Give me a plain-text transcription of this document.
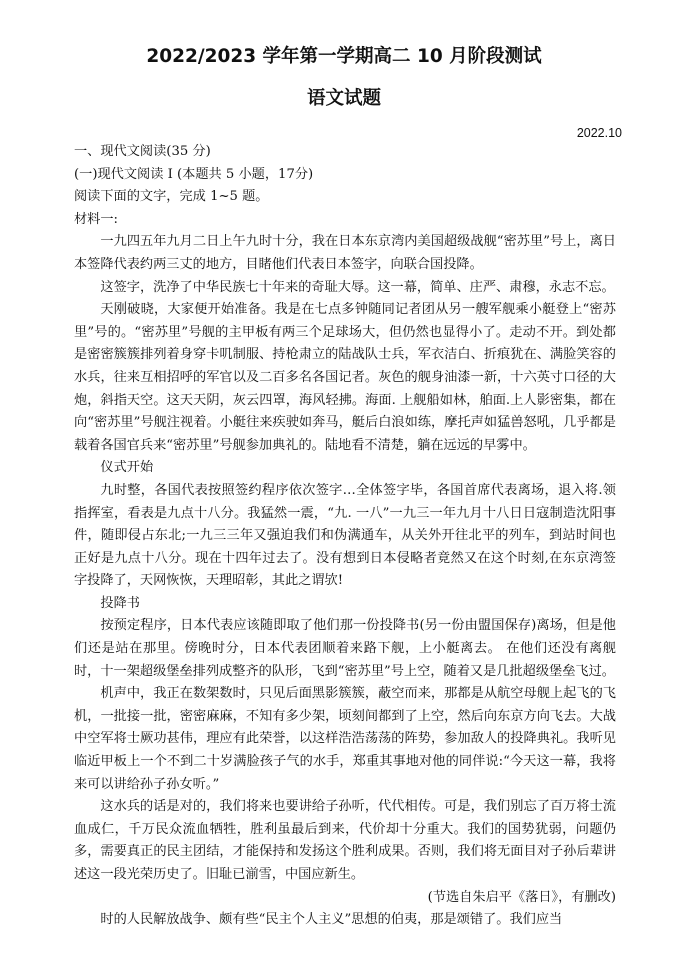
2022/2023 学年第一学期高二 10 月阶段测试
语文试题
2022.10
一、现代文阅读(35 分)
(一)现代文阅读 I (本题共 5 小题，17分)
阅读下面的文字，完成 1~5 题。
材料一:

一九四五年九月二日上午九时十分，我在日本东京湾内美国超级战舰“密苏里”号上，离日本签降代表约两三丈的地方，目睹他们代表日本签字，向联合国投降。

这签字，洗净了中华民族七十年来的奇耻大辱。这一幕，简单、庄严、肃穆，永志不忘。

天刚破晓，大家便开始准备。我是在七点多钟随同记者团从另一艘军舰乘小艇登上“密苏里”号的。“密苏里”号舰的主甲板有两三个足球场大，但仍然也显得小了。走动不开。到处都是密密簇簇排列着身穿卡叽制服、持枪肃立的陆战队士兵，军衣洁白、折痕犹在、满脸笑容的水兵，往来互相招呼的军官以及二百多名各国记者。灰色的舰身油漆一新，十六英寸口径的大炮，斜指天空。这天天阴，灰云四罩，海风轻拂。海面. 上舰船如林，舶面.上人影密集，都在向“密苏里”号舰注视着。小艇往来疾驶如奔马，艇后白浪如练，摩托声如猛兽怒吼，几乎都是载着各国官兵来“密苏里”号舰参加典礼的。陆地看不清楚，躺在远远的早雾中。

仪式开始

九时整，各国代表按照签约程序依次签字…全体签字毕，各国首席代表离场，退入将.领指挥室，看表是九点十八分。我猛然一震，“九. 一八”一九三一年九月十八日日寇制造沈阳事件，随即侵占东北;一九三三年又强迫我们和伪满通车，从关外开往北平的列车，到站时间也正好是九点十八分。现在十四年过去了。没有想到日本侵略者竟然又在这个时刻,在东京湾签字投降了，天网恢恢，天理昭彰，其此之谓欤!

投降书

按预定程序，日本代表应该随即取了他们那一份投降书(另一份由盟国保存)离场，但是他们还是站在那里。傍晚时分，日本代表团顺着来路下舰，上小艇离去。 在他们还没有离舰时，十一架超级堡垒排列成整齐的队形，飞到“密苏里”号上空，随着又是几批超级堡垒飞过。

机声中，我正在数架数时，只见后面黑影簇簇，蔽空而来，那都是从航空母舰上起飞的飞机，一批接一批，密密麻麻，不知有多少架，顷刻间都到了上空，然后向东京方向飞去。大战中空军将士厥功甚伟，理应有此荣誉，以这样浩浩荡荡的阵势，参加敌人的投降典礼。我听见临近甲板上一个不到二十岁满脸孩子气的水手，郑重其事地对他的同伴说:“今天这一幕，我将来可以讲给孙子孙女听。”

这水兵的话是对的，我们将来也要讲给子孙听，代代相传。可是，我们别忘了百万将士流血成仁，千万民众流血牺牲，胜利虽最后到来，代价却十分重大。我们的国势犹弱，问题仍多，需要真正的民主团结，才能保持和发扬这个胜利成果。否则，我们将无面目对子孙后辈讲述这一段光荣历史了。旧耻已湔雪，中国应新生。

(节选自朱启平《落日》，有删改)

时的人民解放战争、颇有些“民主个人主义”思想的伯夷，那是颂错了。我们应当
